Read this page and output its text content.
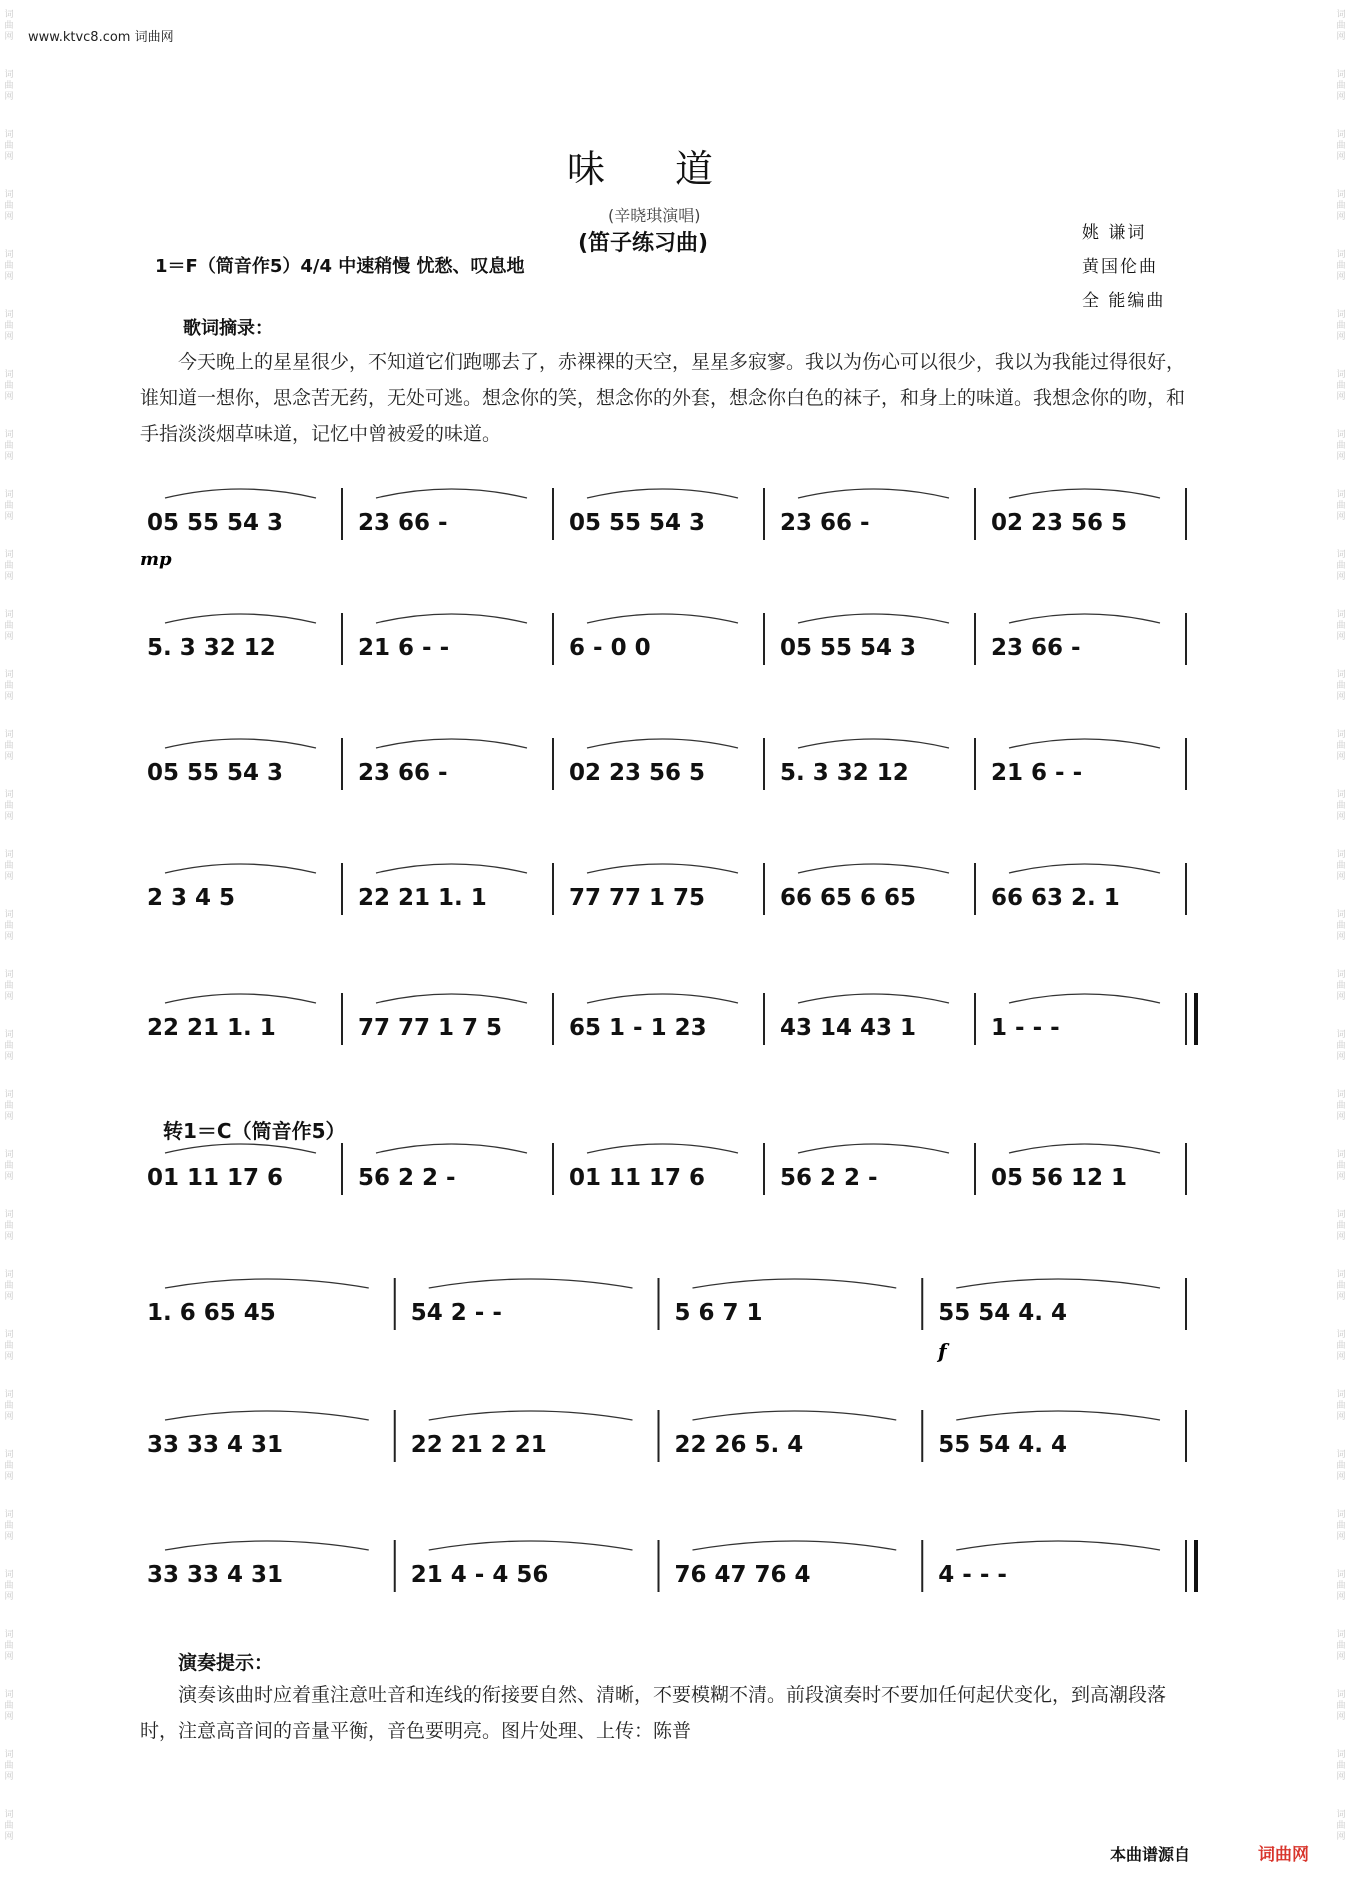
词曲网
词曲网
词曲网
词曲网
词曲网
词曲网
词曲网
词曲网
词曲网
词曲网
词曲网
词曲网
词曲网
词曲网
词曲网
词曲网
词曲网
词曲网
词曲网
词曲网
词曲网
词曲网
词曲网
词曲网
词曲网
词曲网
词曲网
词曲网
词曲网
词曲网
词曲网
词曲网
词曲网
词曲网
词曲网
词曲网
词曲网
词曲网
词曲网
词曲网
词曲网
词曲网
词曲网
词曲网
词曲网
词曲网
词曲网
词曲网
词曲网
词曲网
词曲网
词曲网
词曲网
词曲网
词曲网
词曲网
词曲网
词曲网
词曲网
词曲网
词曲网
词曲网
www.ktvc8.com 词曲网
味道
(辛晓琪演唱)
(笛子练习曲)	姚 谦词
黄国伦曲
全 能编曲
1＝F（筒音作5）4/4 中速稍慢 忧愁、叹息地
歌词摘录：
今天晚上的星星很少，不知道它们跑哪去了，赤裸裸的天空，星星多寂寥。我以为伤心可以很少，我以为我能过得很好，谁知道一想你，思念苦无药，无处可逃。想念你的笑，想念你的外套，想念你白色的袜子，和身上的味道。我想念你的吻，和手指淡淡烟草味道，记忆中曾被爱的味道。
05 55 54 3	23 66 -	05 55 54 3	23 66 -	02 23 56 5
5. 3 32 12	21 6 - -	6 - 0 0	05 55 54 3	23 66 -
05 55 54 3	23 66 -	02 23 56 5	5. 3 32 12	21 6 - -
2 3 4 5	22 21 1. 1	77 77 1 75	66 65 6 65	66 63 2. 1
22 21 1. 1	77 77 1 7 5	65 1 - 1 23	43 14 43 1	1 - - -
01 11 17 6	56 2 2 -	01 11 17 6	56 2 2 -	05 56 12 1
1. 6 65 45	54 2 - -	5 6 7 1	55 54 4. 4
33 33 4 31	22 21 2 21	22 26 5. 4	55 54 4. 4
33 33 4 31	21 4 - 4 56	76 47 76 4	4 - - -
mp
f
转1＝C（筒音作5）
演奏提示：
演奏该曲时应着重注意吐音和连线的衔接要自然、清晰，不要模糊不清。前段演奏时不要加任何起伏变化，到高潮段落时，注意高音间的音量平衡，音色要明亮。图片处理、上传：陈普
本曲谱源自	词曲网
